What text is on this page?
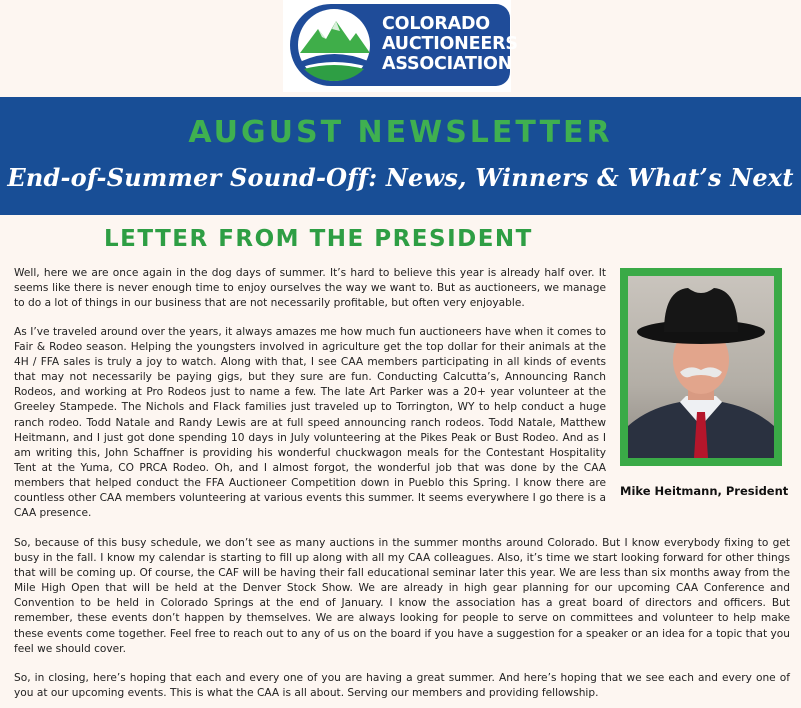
COLORADO
AUCTIONEERS
ASSOCIATION
AUGUST NEWSLETTER
End-of-Summer Sound-Off: News, Winners & What’s Next
LETTER FROM THE PRESIDENT

Well, here we are once again in the dog days of summer. It’s hard to believe this year is already half over. It seems like there is never enough time to enjoy ourselves the way we want to. But as auctioneers, we manage to do a lot of things in our business that are not necessarily profitable, but often very enjoyable.

As I’ve traveled around over the years, it always amazes me how much fun auctioneers have when it comes to Fair & Rodeo season. Helping the youngsters involved in agriculture get the top dollar for their animals at the 4H / FFA sales is truly a joy to watch. Along with that, I see CAA members participating in all kinds of events that may not necessarily be paying gigs, but they sure are fun. Conducting Calcutta’s, Announcing Ranch Rodeos, and working at Pro Rodeos just to name a few. The late Art Parker was a 20+ year volunteer at the Greeley Stampede. The Nichols and Flack families just traveled up to Torrington, WY to help conduct a huge ranch rodeo. Todd Natale and Randy Lewis are at full speed announcing ranch rodeos. Todd Natale, Matthew Heitmann, and I just got done spending 10 days in July volunteering at the Pikes Peak or Bust Rodeo. And as I am writing this, John Schaffner is providing his wonderful chuckwagon meals for the Contestant Hospitality Tent at the Yuma, CO PRCA Rodeo. Oh, and I almost forgot, the wonderful job that was done by the CAA members that helped conduct the FFA Auctioneer Competition down in Pueblo this Spring. I know there are countless other CAA members volunteering at various events this summer. It seems everywhere I go there is a CAA presence.

So, because of this busy schedule, we don’t see as many auctions in the summer months around Colorado. But I know everybody fixing to get busy in the fall. I know my calendar is starting to fill up along with all my CAA colleagues. Also, it’s time we start looking forward for other things that will be coming up. Of course, the CAF will be having their fall educational seminar later this year. We are less than six months away from the Mile High Open that will be held at the Denver Stock Show. We are already in high gear planning for our upcoming CAA Conference and Convention to be held in Colorado Springs at the end of January. I know the association has a great board of directors and officers. But remember, these events don’t happen by themselves. We are always looking for people to serve on committees and volunteer to help make these events come together. Feel free to reach out to any of us on the board if you have a suggestion for a speaker or an idea for a topic that you feel we should cover.

So, in closing, here’s hoping that each and every one of you are having a great summer. And here’s hoping that we see each and every one of you at our upcoming events. This is what the CAA is all about. Serving our members and providing fellowship.

Mike Heitmann, President
